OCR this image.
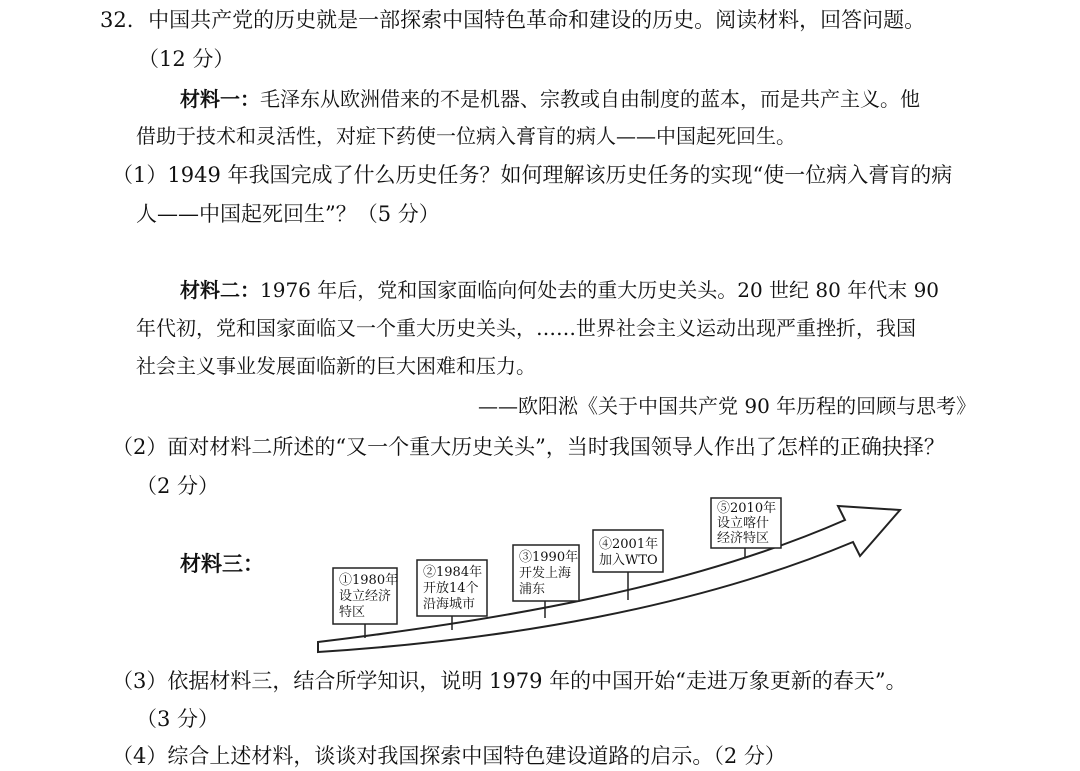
32. 中国共产党的历史就是一部探索中国特色革命和建设的历史。阅读材料，回答问题。
（12 分）
材料一：毛泽东从欧洲借来的不是机器、宗教或自由制度的蓝本，而是共产主义。他
借助于技术和灵活性，对症下药使一位病入膏肓的病人——中国起死回生。
（1）1949 年我国完成了什么历史任务？如何理解该历史任务的实现“使一位病入膏肓的病
人——中国起死回生”？（5 分）
材料二：1976 年后，党和国家面临向何处去的重大历史关头。20 世纪 80 年代末 90
年代初，党和国家面临又一个重大历史关头，……世界社会主义运动出现严重挫折，我国
社会主义事业发展面临新的巨大困难和压力。
——欧阳淞《关于中国共产党 90 年历程的回顾与思考》
（2）面对材料二所述的“又一个重大历史关头”，当时我国领导人作出了怎样的正确抉择？
（2 分）
材料三：
①1980年
设立经济
特区
②1984年
开放14个
沿海城市
③1990年
开发上海
浦东
④2001年
加入WTO
⑤2010年
设立喀什
经济特区
（3）依据材料三，结合所学知识，说明 1979 年的中国开始“走进万象更新的春天”。
（3 分）
（4）综合上述材料，谈谈对我国探索中国特色建设道路的启示。（2 分）
